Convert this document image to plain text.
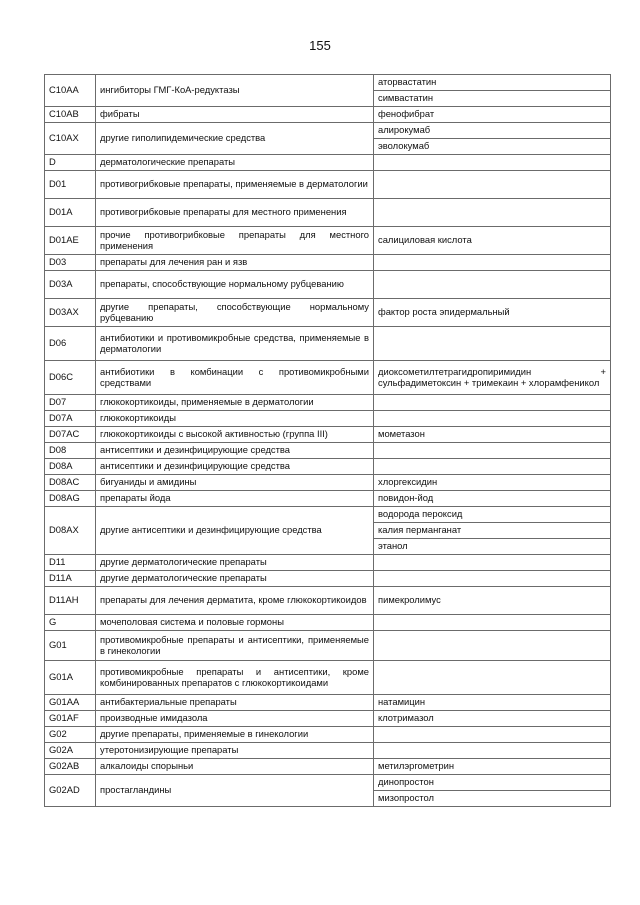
155
C10AA	ингибиторы ГМГ-КоА-редуктазы	аторвастатин
		симвастатин
C10AB	фибраты	фенофибрат
C10AX	другие гиполипидемические средства	алирокумаб
		эволокумаб
D	дерматологические препараты	
D01	противогрибковые препараты, применяемые в дерматологии	
D01A	противогрибковые препараты для местного применения	
D01AE	прочие противогрибковые препараты для местного применения	салициловая кислота
D03	препараты для лечения ран и язв	
D03A	препараты, способствующие нормальному рубцеванию	
D03AX	другие препараты, способствующие нормальному рубцеванию	фактор роста эпидермальный
D06	антибиотики и противомикробные средства, применяемые в дерматологии	
D06C	антибиотики в комбинации с противомикробными средствами	диоксометилтетрагидропиримидин + сульфадиметоксин + тримекаин + хлорамфеникол
D07	глюкокортикоиды, применяемые в дерматологии	
D07A	глюкокортикоиды	
D07AC	глюкокортикоиды с высокой активностью (группа III)	мометазон
D08	антисептики и дезинфицирующие средства	
D08A	антисептики и дезинфицирующие средства	
D08AC	бигуаниды и амидины	хлоргексидин
D08AG	препараты йода	повидон-йод
D08AX	другие антисептики и дезинфицирующие средства	водорода пероксид
		калия перманганат
		этанол
D11	другие дерматологические препараты	
D11A	другие дерматологические препараты	
D11AH	препараты для лечения дерматита, кроме глюкокортикоидов	пимекролимус
G	мочеполовая система и половые гормоны	
G01	противомикробные препараты и антисептики, применяемые в гинекологии	
G01A	противомикробные препараты и антисептики, кроме комбинированных препаратов с глюкокортикоидами	
G01AA	антибактериальные препараты	натамицин
G01AF	производные имидазола	клотримазол
G02	другие препараты, применяемые в гинекологии	
G02A	утеротонизирующие препараты	
G02AB	алкалоиды спорыньи	метилэргометрин
G02AD	простагландины	динопростон
		мизопростол
